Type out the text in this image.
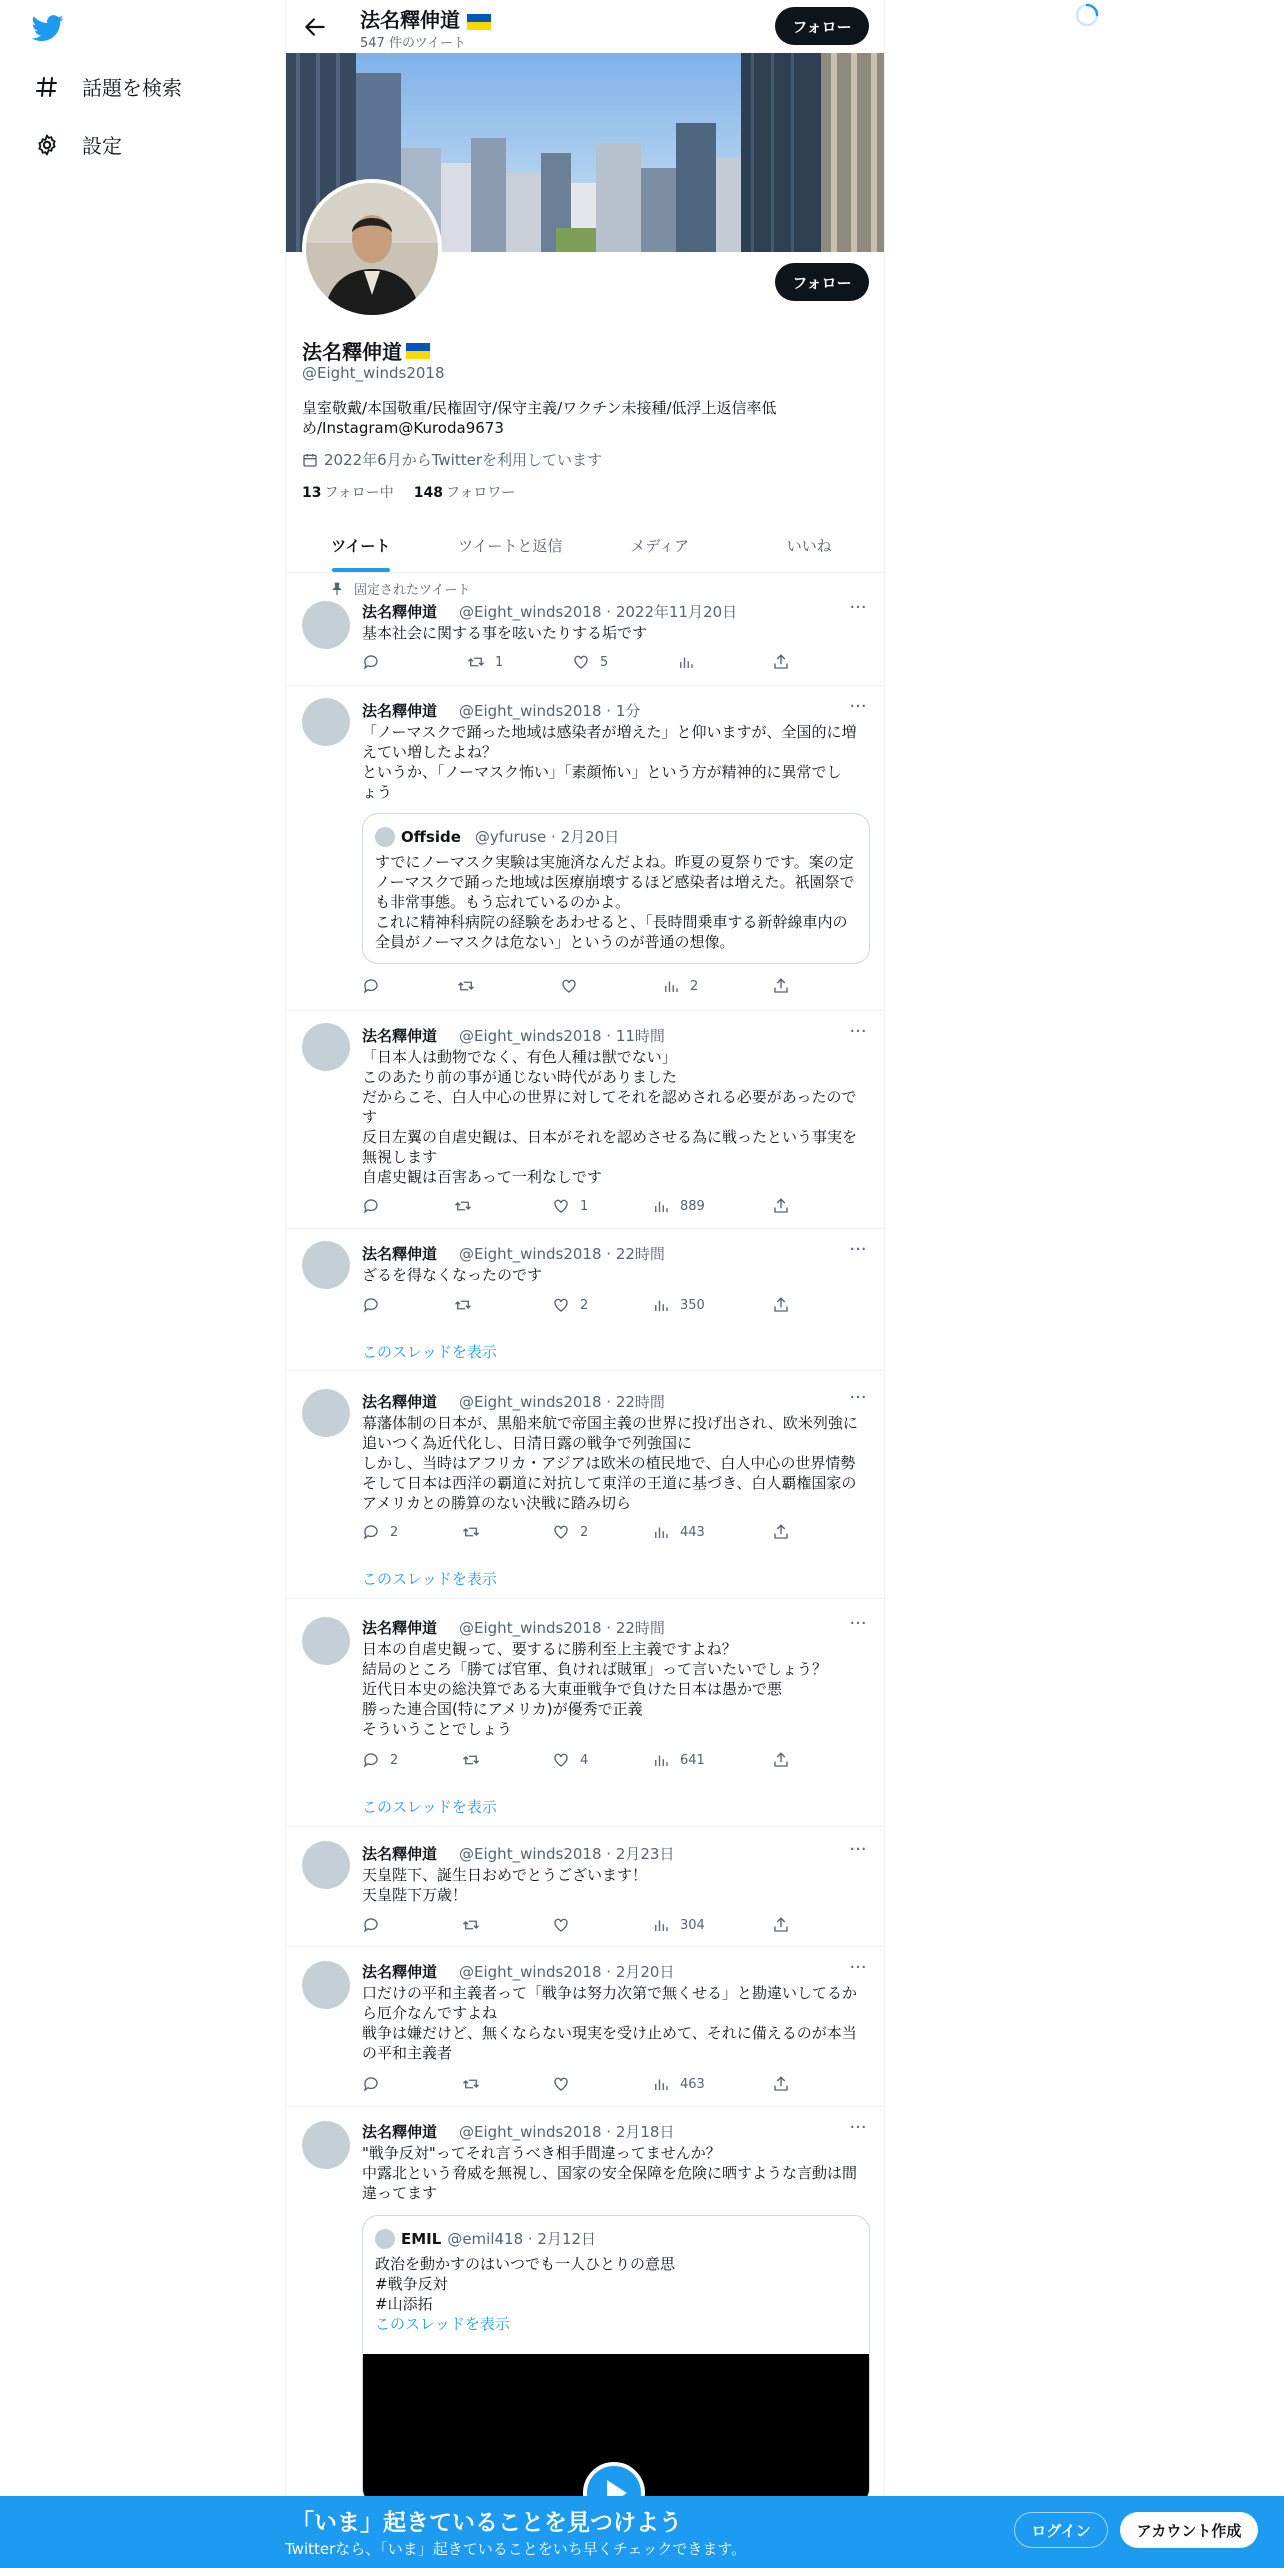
話題を検索
設定
法名釋伸道
547 件のツイート
フォロー
フォロー
法名釋伸道
@Eight_winds2018
皇室敬戴/本国敬重/民権固守/保守主義/ワクチン未接種/低浮上返信率低
め/Instagram@Kuroda9673
2022年6月からTwitterを利用しています
13 フォロー中 148 フォロワー
ツイート	ツイートと返信	メディア	いいね
固定されたツイート
法名釋伸道 @Eight_winds2018 · 2022年11月20日	···
基本社会に関する事を呟いたりする垢です
1	5
法名釋伸道 @Eight_winds2018 · 1分	···
「ノーマスクで踊った地域は感染者が増えた」と仰いますが、全国的に増
えてい増したよね？
というか、「ノーマスク怖い」「素顔怖い」という方が精神的に異常でし
ょう
Offside @yfuruse · 2月20日
すでにノーマスク実験は実施済なんだよね。昨夏の夏祭りです。案の定
ノーマスクで踊った地域は医療崩壊するほど感染者は増えた。祇園祭で
も非常事態。もう忘れているのかよ。
これに精神科病院の経験をあわせると、「長時間乗車する新幹線車内の
全員がノーマスクは危ない」というのが普通の想像。
2
法名釋伸道 @Eight_winds2018 · 11時間	···
「日本人は動物でなく、有色人種は獣でない」
このあたり前の事が通じない時代がありました
だからこそ、白人中心の世界に対してそれを認めされる必要があったので
す
反日左翼の自虐史観は、日本がそれを認めさせる為に戦ったという事実を
無視します
自虐史観は百害あって一利なしです
1	889
法名釋伸道 @Eight_winds2018 · 22時間	···
ざるを得なくなったのです
2	350
このスレッドを表示
法名釋伸道 @Eight_winds2018 · 22時間	···
幕藩体制の日本が、黒船来航で帝国主義の世界に投げ出され、欧米列強に
追いつく為近代化し、日清日露の戦争で列強国に
しかし、当時はアフリカ・アジアは欧米の植民地で、白人中心の世界情勢
そして日本は西洋の覇道に対抗して東洋の王道に基づき、白人覇権国家の
アメリカとの勝算のない決戦に踏み切ら
2	2	443
このスレッドを表示
法名釋伸道 @Eight_winds2018 · 22時間	···
日本の自虐史観って、要するに勝利至上主義ですよね？
結局のところ「勝てば官軍、負ければ賊軍」って言いたいでしょう？
近代日本史の総決算である大東亜戦争で負けた日本は愚かで悪
勝った連合国(特にアメリカ)が優秀で正義
そういうことでしょう
2	4	641
このスレッドを表示
法名釋伸道 @Eight_winds2018 · 2月23日	···
天皇陛下、誕生日おめでとうございます！
天皇陛下万歳！
304
法名釋伸道 @Eight_winds2018 · 2月20日	···
口だけの平和主義者って「戦争は努力次第で無くせる」と勘違いしてるか
ら厄介なんですよね
戦争は嫌だけど、無くならない現実を受け止めて、それに備えるのが本当
の平和主義者
463
法名釋伸道 @Eight_winds2018 · 2月18日	···
"戦争反対"ってそれ言うべき相手間違ってませんか？
中露北という脅威を無視し、国家の安全保障を危険に晒すような言動は間
違ってます
EMIL @emil418 · 2月12日
政治を動かすのはいつでも一人ひとりの意思
#戦争反対
#山添拓
このスレッドを表示
「いま」起きていることを見つけよう
Twitterなら、「いま」起きていることをいち早くチェックできます。
ログイン	アカウント作成
